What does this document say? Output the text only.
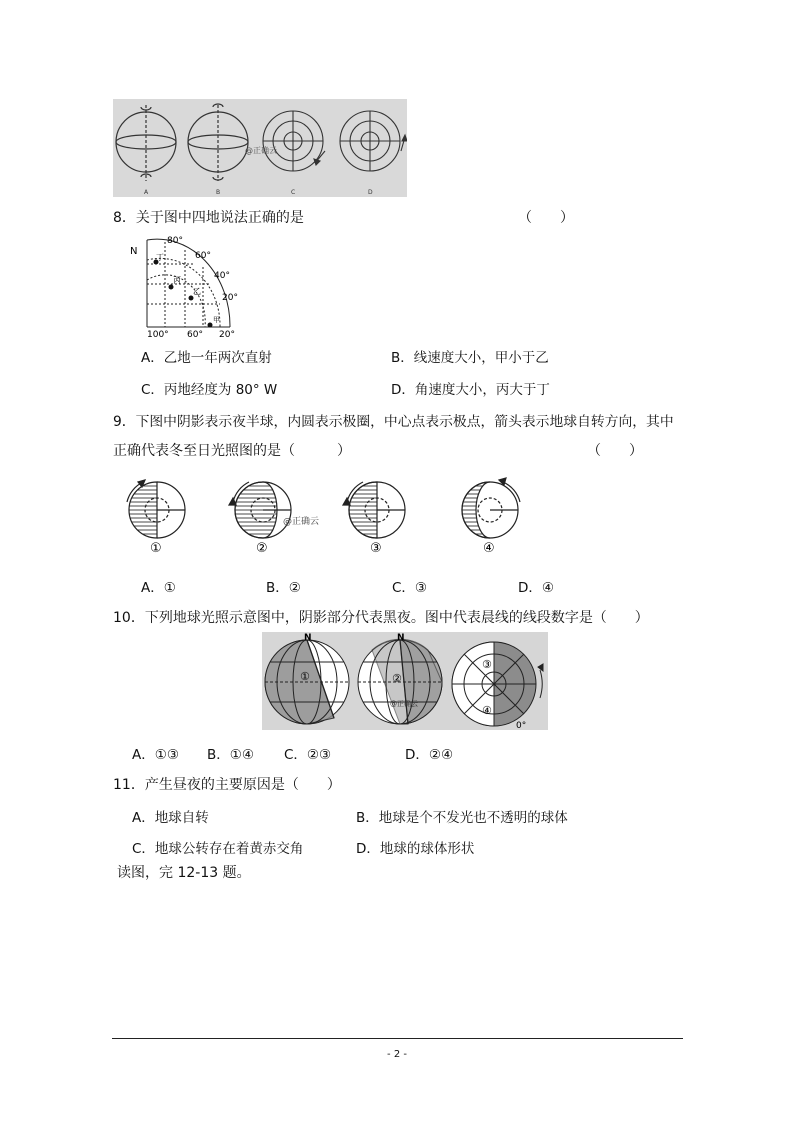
@正确云
A	B	C	D
8．关于图中四地说法正确的是	（　　）
N
80°
60°
40°
20°
100° 60° 20°
丁
丙
乙
甲
A．乙地一年两次直射	B．线速度大小，甲小于乙
C．丙地经度为 80° W	D．角速度大小，丙大于丁
9．下图中阴影表示夜半球，内圆表示极圈，中心点表示极点，箭头表示地球自转方向，其中
正确代表冬至日光照图的是（　　　）	（　　）
@正确云
①	②	③	④
A．①	B．②	C．③	D．④
10．下列地球光照示意图中，阴影部分代表黑夜。图中代表晨线的线段数字是（　　）
N	N
①	②
③
④
0°
@正确云
A．①③ B．①④ C．②③	D．②④
11．产生昼夜的主要原因是（　　）
A．地球自转	B．地球是个不发光也不透明的球体
C．地球公转存在着黄赤交角	D．地球的球体形状
读图，完 12-13 题。
- 2 -
